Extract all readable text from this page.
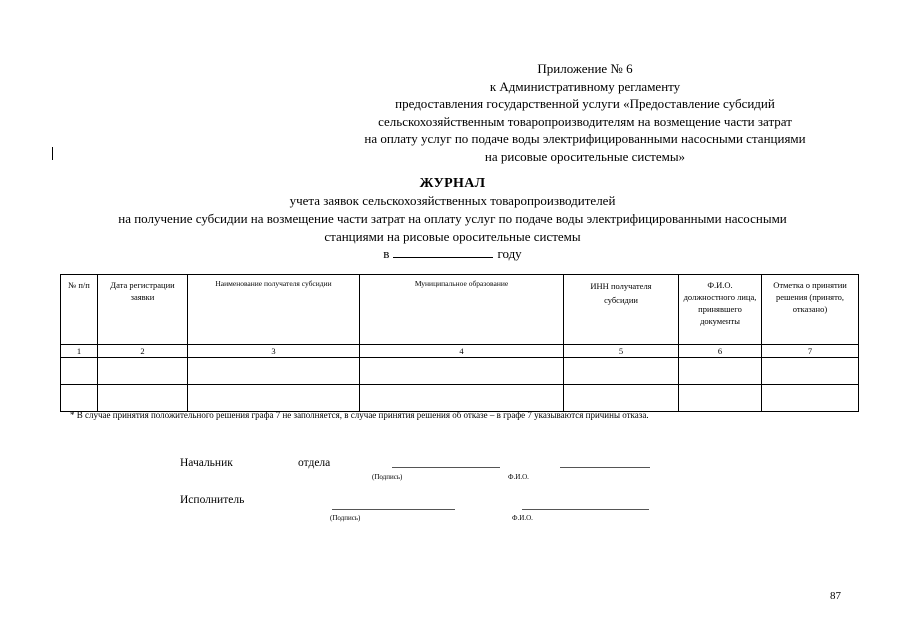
Приложение № 6
к Административному регламенту
предоставления государственной услуги «Предоставление субсидий
сельскохозяйственным товаропроизводителям на возмещение части затрат
на оплату услуг по подаче воды электрифицированными насосными станциями
на рисовые оросительные системы»
ЖУРНАЛ
учета заявок сельскохозяйственных товаропроизводителей
на получение субсидии на возмещение части затрат на оплату услуг по подаче воды электрифицированными насосными
станциями на рисовые оросительные системы
в	году
№ п/п	Дата регистрации заявки	Наименование получателя субсидии	Муниципальное образование	ИНН получателя субсидии	Ф.И.О. должностного лица, принявшего документы	Отметка о принятии решения (принято, отказано)
1	2	3	4	5	6	7

* В случае принятия положительного решения графа 7 не заполняется, в случае принятия решения об отказе – в графе 7 указываются причины отказа.
Начальник	отдела
(Подпись)	Ф.И.О.
Исполнитель
(Подпись)	Ф.И.О.
87
